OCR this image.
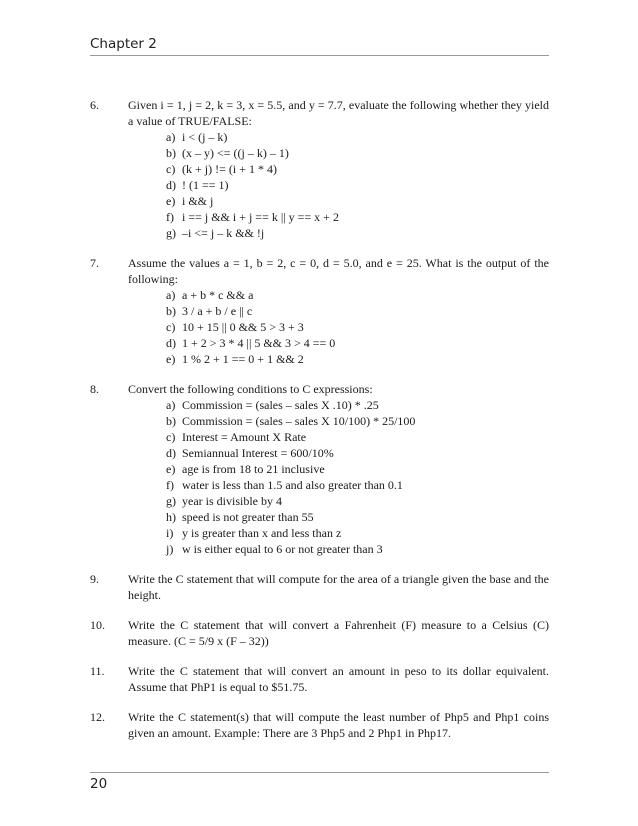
Chapter 2
6. Given i = 1, j = 2, k = 3, x = 5.5, and y = 7.7, evaluate the following whether they yield a value of TRUE/FALSE:
a) i < (j – k)
b) (x – y) <= ((j – k) – 1)
c) (k + j) != (i + 1 * 4)
d) ! (1 == 1)
e) i && j
f) i == j && i + j == k || y == x + 2
g) –i <= j – k && !j
7. Assume the values a = 1, b = 2, c = 0, d = 5.0, and e = 25. What is the output of the following:
a) a + b * c && a
b) 3 / a + b / e || c
c) 10 + 15 || 0 && 5 > 3 + 3
d) 1 + 2 > 3 * 4 || 5 && 3 > 4 == 0
e) 1 % 2 + 1 == 0 + 1 && 2
8. Convert the following conditions to C expressions:
a) Commission = (sales – sales X .10) * .25
b) Commission = (sales – sales X 10/100) * 25/100
c) Interest = Amount X Rate
d) Semiannual Interest = 600/10%
e) age is from 18 to 21 inclusive
f) water is less than 1.5 and also greater than 0.1
g) year is divisible by 4
h) speed is not greater than 55
i) y is greater than x and less than z
j) w is either equal to 6 or not greater than 3
9. Write the C statement that will compute for the area of a triangle given the base and the height.
10. Write the C statement that will convert a Fahrenheit (F) measure to a Celsius (C) measure. (C = 5/9 x (F – 32))
11. Write the C statement that will convert an amount in peso to its dollar equivalent. Assume that PhP1 is equal to $51.75.
12. Write the C statement(s) that will compute the least number of Php5 and Php1 coins given an amount. Example: There are 3 Php5 and 2 Php1 in Php17.
20
